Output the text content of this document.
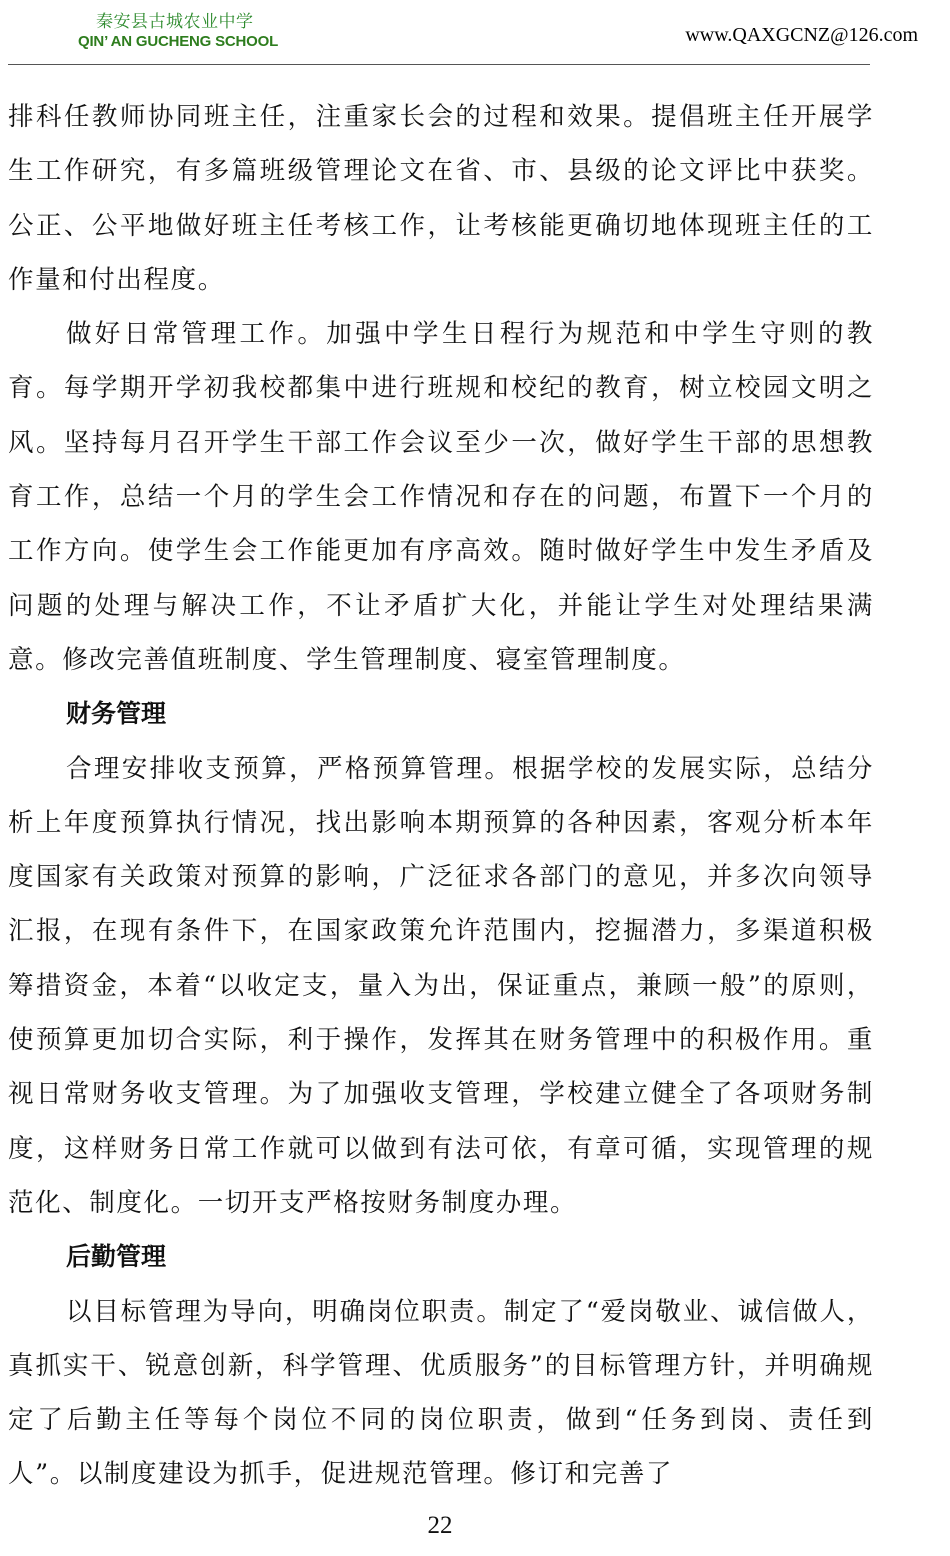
秦安县古城农业中学
QIN’ AN GUCHENG SCHOOL	www.QAXGCNZ@126.com

排科任教师协同班主任，注重家长会的过程和效果。提倡班主任开展学生工作研究，有多篇班级管理论文在省、市、县级的论文评比中获奖。公正、公平地做好班主任考核工作，让考核能更确切地体现班主任的工作量和付出程度。

做好日常管理工作。加强中学生日程行为规范和中学生守则的教育。每学期开学初我校都集中进行班规和校纪的教育，树立校园文明之风。坚持每月召开学生干部工作会议至少一次，做好学生干部的思想教育工作，总结一个月的学生会工作情况和存在的问题，布置下一个月的工作方向。使学生会工作能更加有序高效。随时做好学生中发生矛盾及问题的处理与解决工作，不让矛盾扩大化，并能让学生对处理结果满意。修改完善值班制度、学生管理制度、寝室管理制度。

财务管理

合理安排收支预算，严格预算管理。根据学校的发展实际，总结分析上年度预算执行情况，找出影响本期预算的各种因素，客观分析本年度国家有关政策对预算的影响，广泛征求各部门的意见，并多次向领导汇报，在现有条件下，在国家政策允许范围内，挖掘潜力，多渠道积极筹措资金，本着“以收定支，量入为出，保证重点，兼顾一般”的原则，使预算更加切合实际，利于操作，发挥其在财务管理中的积极作用。重视日常财务收支管理。为了加强收支管理，学校建立健全了各项财务制度，这样财务日常工作就可以做到有法可依，有章可循，实现管理的规范化、制度化。一切开支严格按财务制度办理。

后勤管理

以目标管理为导向，明确岗位职责。制定了“爱岗敬业、诚信做人，真抓实干、锐意创新，科学管理、优质服务”的目标管理方针，并明确规定了后勤主任等每个岗位不同的岗位职责，做到“任务到岗、责任到人”。以制度建设为抓手，促进规范管理。修订和完善了

22
